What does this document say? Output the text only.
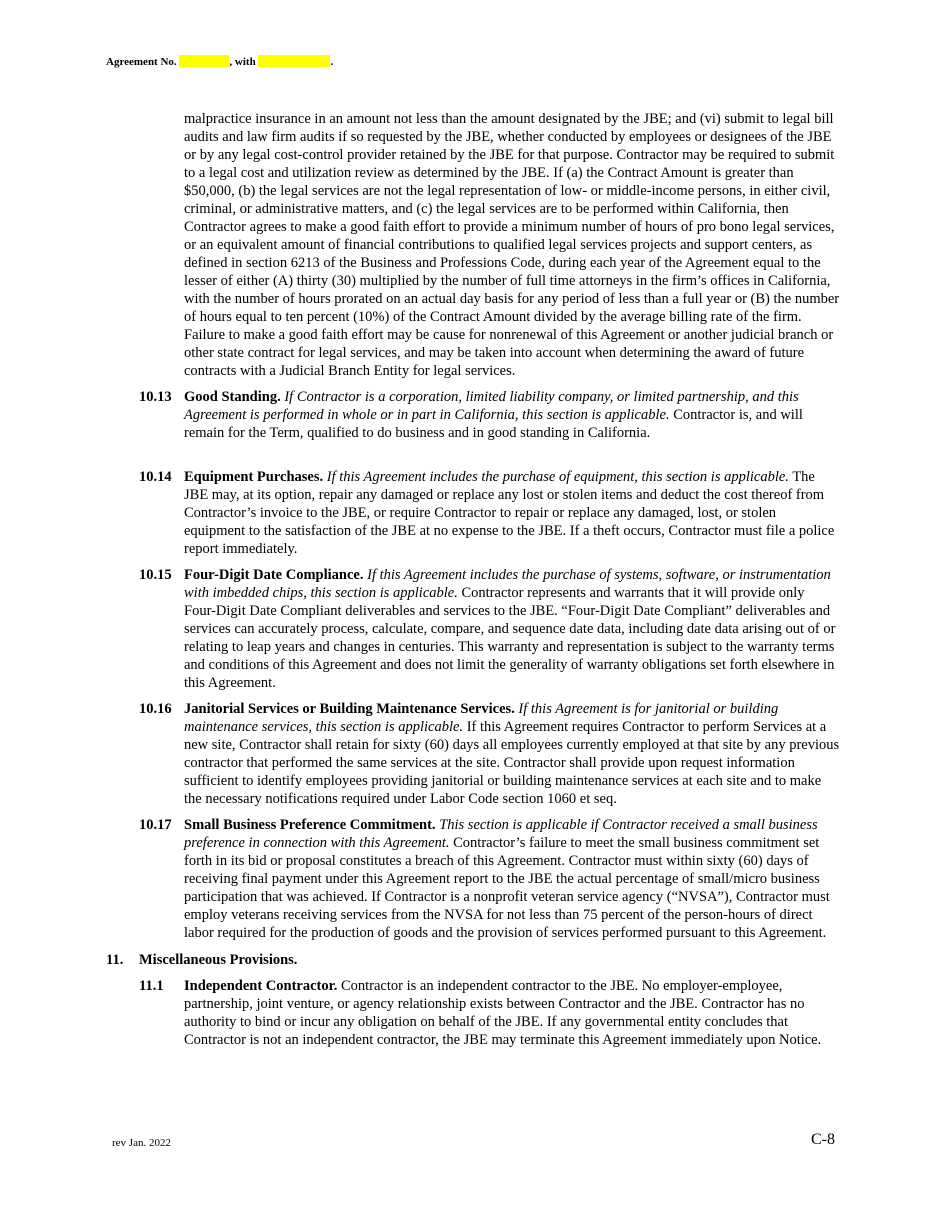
Agreement No.	, with	.
malpractice insurance in an amount not less than the amount designated by the JBE; and (vi) submit to legal bill audits and law firm audits if so requested by the JBE, whether conducted by employees or designees of the JBE or by any legal cost-control provider retained by the JBE for that purpose. Contractor may be required to submit to a legal cost and utilization review as determined by the JBE. If (a) the Contract Amount is greater than $50,000, (b) the legal services are not the legal representation of low- or middle-income persons, in either civil, criminal, or administrative matters, and (c) the legal services are to be performed within California, then Contractor agrees to make a good faith effort to provide a minimum number of hours of pro bono legal services, or an equivalent amount of financial contributions to qualified legal services projects and support centers, as defined in section 6213 of the Business and Professions Code, during each year of the Agreement equal to the lesser of either (A) thirty (30) multiplied by the number of full time attorneys in the firm’s offices in California, with the number of hours prorated on an actual day basis for any period of less than a full year or (B) the number of hours equal to ten percent (10%) of the Contract Amount divided by the average billing rate of the firm. Failure to make a good faith effort may be cause for nonrenewal of this Agreement or another judicial branch or other state contract for legal services, and may be taken into account when determining the award of future contracts with a Judicial Branch Entity for legal services.
10.13 Good Standing. If Contractor is a corporation, limited liability company, or limited partnership, and this Agreement is performed in whole or in part in California, this section is applicable. Contractor is, and will remain for the Term, qualified to do business and in good standing in California.
10.14 Equipment Purchases. If this Agreement includes the purchase of equipment, this section is applicable. The JBE may, at its option, repair any damaged or replace any lost or stolen items and deduct the cost thereof from Contractor’s invoice to the JBE, or require Contractor to repair or replace any damaged, lost, or stolen equipment to the satisfaction of the JBE at no expense to the JBE. If a theft occurs, Contractor must file a police report immediately.
10.15 Four-Digit Date Compliance. If this Agreement includes the purchase of systems, software, or instrumentation with imbedded chips, this section is applicable. Contractor represents and warrants that it will provide only Four-Digit Date Compliant deliverables and services to the JBE. “Four-Digit Date Compliant” deliverables and services can accurately process, calculate, compare, and sequence date data, including date data arising out of or relating to leap years and changes in centuries. This warranty and representation is subject to the warranty terms and conditions of this Agreement and does not limit the generality of warranty obligations set forth elsewhere in this Agreement.
10.16 Janitorial Services or Building Maintenance Services. If this Agreement is for janitorial or building maintenance services, this section is applicable. If this Agreement requires Contractor to perform Services at a new site, Contractor shall retain for sixty (60) days all employees currently employed at that site by any previous contractor that performed the same services at the site. Contractor shall provide upon request information sufficient to identify employees providing janitorial or building maintenance services at each site and to make the necessary notifications required under Labor Code section 1060 et seq.
10.17 Small Business Preference Commitment. This section is applicable if Contractor received a small business preference in connection with this Agreement. Contractor’s failure to meet the small business commitment set forth in its bid or proposal constitutes a breach of this Agreement. Contractor must within sixty (60) days of receiving final payment under this Agreement report to the JBE the actual percentage of small/micro business participation that was achieved. If Contractor is a nonprofit veteran service agency (“NVSA”), Contractor must employ veterans receiving services from the NVSA for not less than 75 percent of the person-hours of direct labor required for the production of goods and the provision of services performed pursuant to this Agreement.
11. Miscellaneous Provisions.
11.1 Independent Contractor. Contractor is an independent contractor to the JBE. No employer-employee, partnership, joint venture, or agency relationship exists between Contractor and the JBE. Contractor has no authority to bind or incur any obligation on behalf of the JBE. If any governmental entity concludes that Contractor is not an independent contractor, the JBE may terminate this Agreement immediately upon Notice.
rev Jan. 2022	C-8
